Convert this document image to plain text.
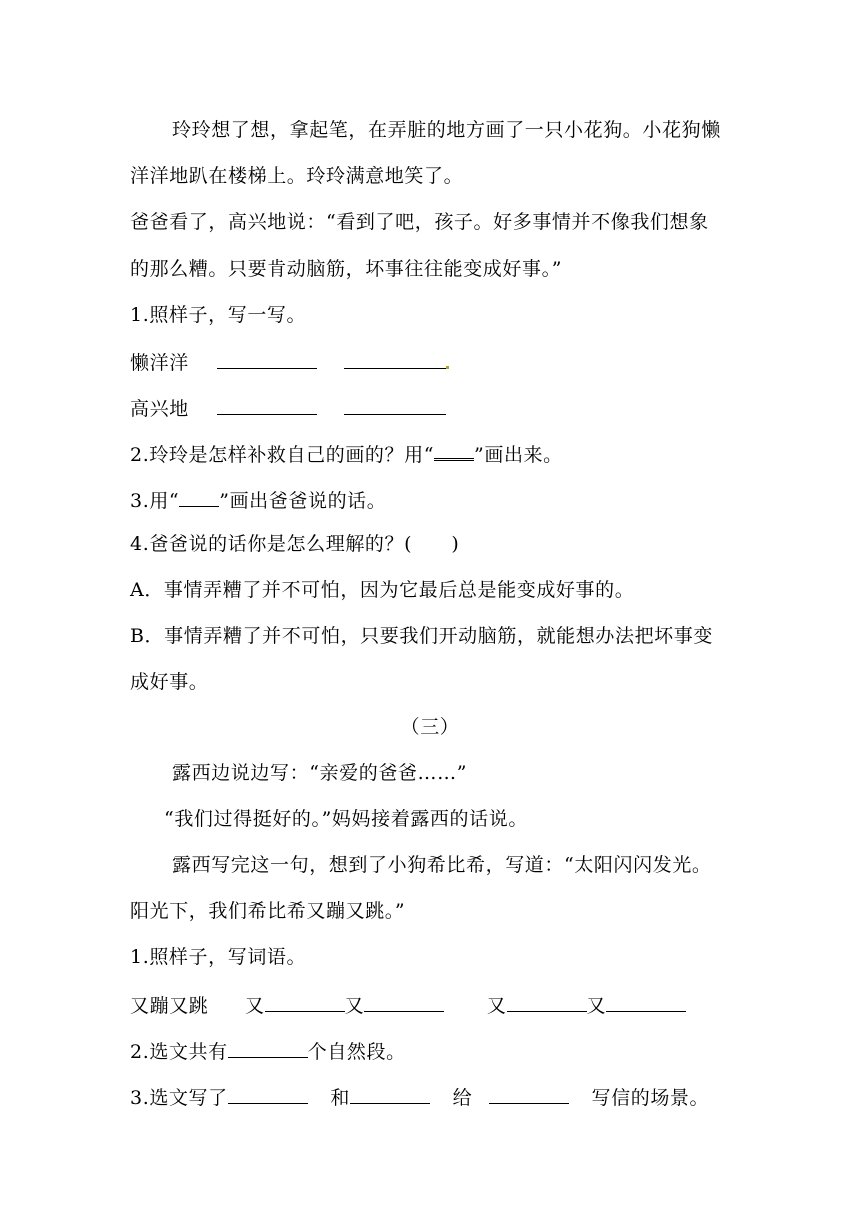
玲玲想了想，拿起笔，在弄脏的地方画了一只小花狗。小花狗懒
洋洋地趴在楼梯上。玲玲满意地笑了。
爸爸看了，高兴地说：“看到了吧，孩子。好多事情并不像我们想象
的那么糟。只要肯动脑筋，坏事往往能变成好事。”
1.照样子，写一写。
懒洋洋
高兴地
2.玲玲是怎样补救自己的画的？用“ ”画出来。
3.用“ ”画出爸爸说的话。
4.爸爸说的话你是怎么理解的？(　　)
A．事情弄糟了并不可怕，因为它最后总是能变成好事的。
B．事情弄糟了并不可怕，只要我们开动脑筋，就能想办法把坏事变
成好事。
（三）
露西边说边写：“亲爱的爸爸……”
“我们过得挺好的。”妈妈接着露西的话说。
露西写完这一句，想到了小狗希比希，写道：“太阳闪闪发光。
阳光下，我们希比希又蹦又跳。”
1.照样子，写词语。
又蹦又跳 又	又	又	又
2.选文共有	个自然段。
3.选文写了	和	给	写信的场景。
